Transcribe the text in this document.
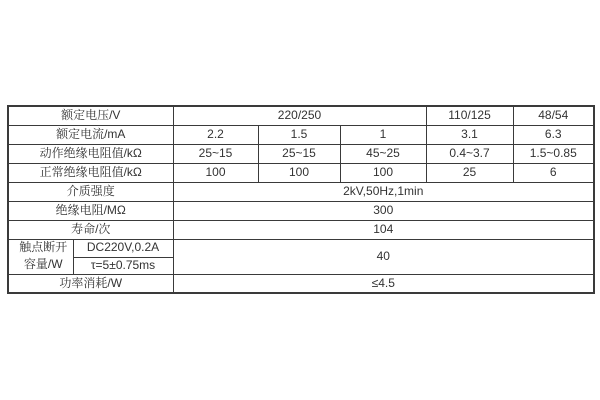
额定电压/V		220/250			110/125	48/54
额定电流/mA		2.2	1.5	1	3.1	6.3
动作绝缘电阻值/kΩ		25~15	25~15	45~25	0.4~3.7	1.5~0.85
正常绝缘电阻值/kΩ		100	100	100	25	6
介质强度		2kV,50Hz,1min				
绝缘电阻/MΩ		300				
寿命/次		104				

触点断开
容量/W	DC220V,0.2A	40				
	τ=5±0.75ms					
功率消耗/W		≤4.5				
